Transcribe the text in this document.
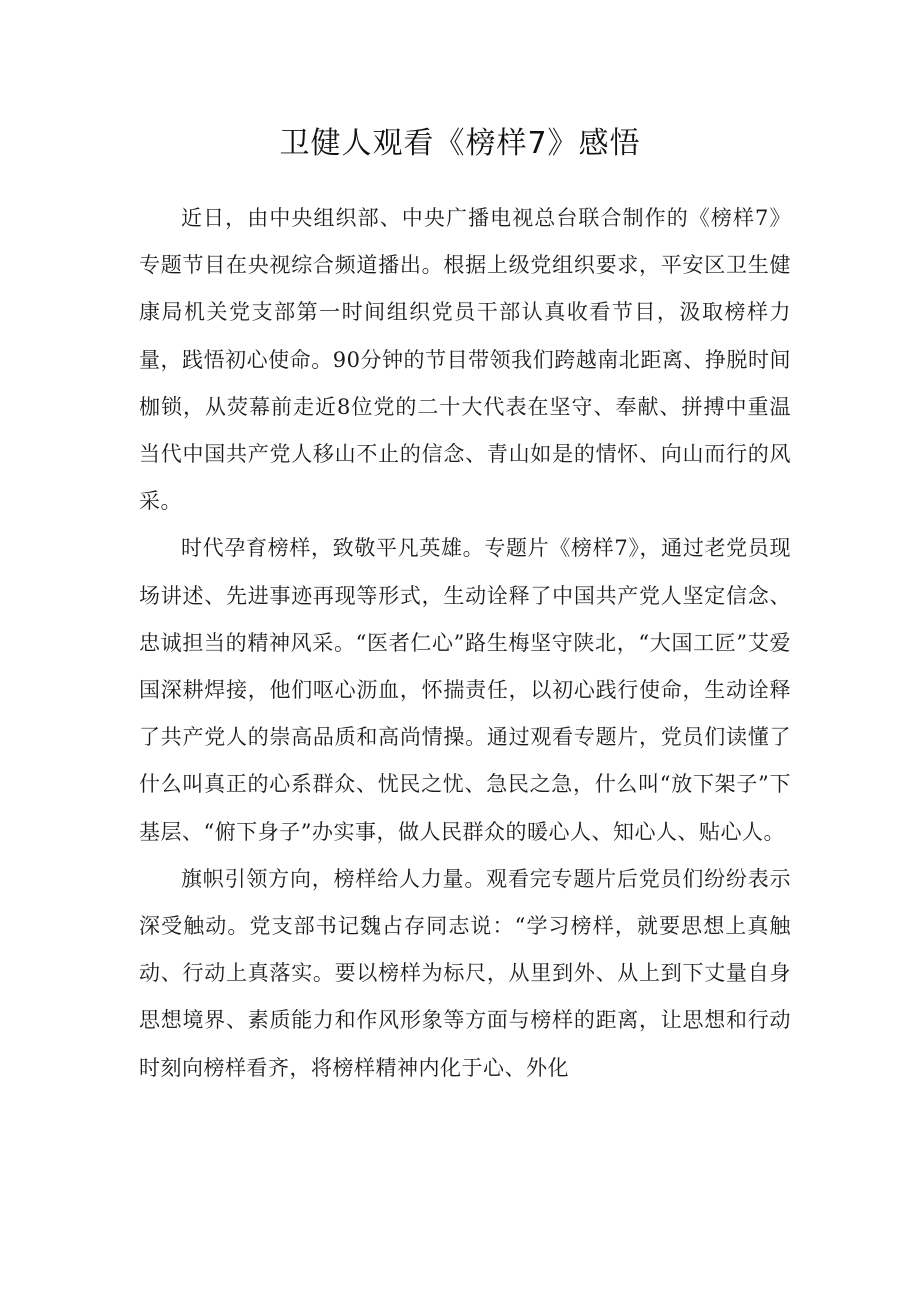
卫健人观看《榜样7》感悟

近日，由中央组织部、中央广播电视总台联合制作的《榜样7》专题节目在央视综合频道播出。根据上级党组织要求，平安区卫生健康局机关党支部第一时间组织党员干部认真收看节目，汲取榜样力量，践悟初心使命。90分钟的节目带领我们跨越南北距离、挣脱时间枷锁，从荧幕前走近8位党的二十大代表在坚守、奉献、拼搏中重温当代中国共产党人移山不止的信念、青山如是的情怀、向山而行的风采。

时代孕育榜样，致敬平凡英雄。专题片《榜样7》，通过老党员现场讲述、先进事迹再现等形式，生动诠释了中国共产党人坚定信念、忠诚担当的精神风采。“医者仁心”路生梅坚守陕北，“大国工匠”艾爱国深耕焊接，他们呕心沥血，怀揣责任，以初心践行使命，生动诠释了共产党人的崇高品质和高尚情操。通过观看专题片，党员们读懂了什么叫真正的心系群众、忧民之忧、急民之急，什么叫“放下架子”下基层、“俯下身子”办实事，做人民群众的暖心人、知心人、贴心人。

旗帜引领方向，榜样给人力量。观看完专题片后党员们纷纷表示深受触动。党支部书记魏占存同志说：“学习榜样，就要思想上真触动、行动上真落实。要以榜样为标尺，从里到外、从上到下丈量自身思想境界、素质能力和作风形象等方面与榜样的距离，让思想和行动时刻向榜样看齐，将榜样精神内化于心、外化
